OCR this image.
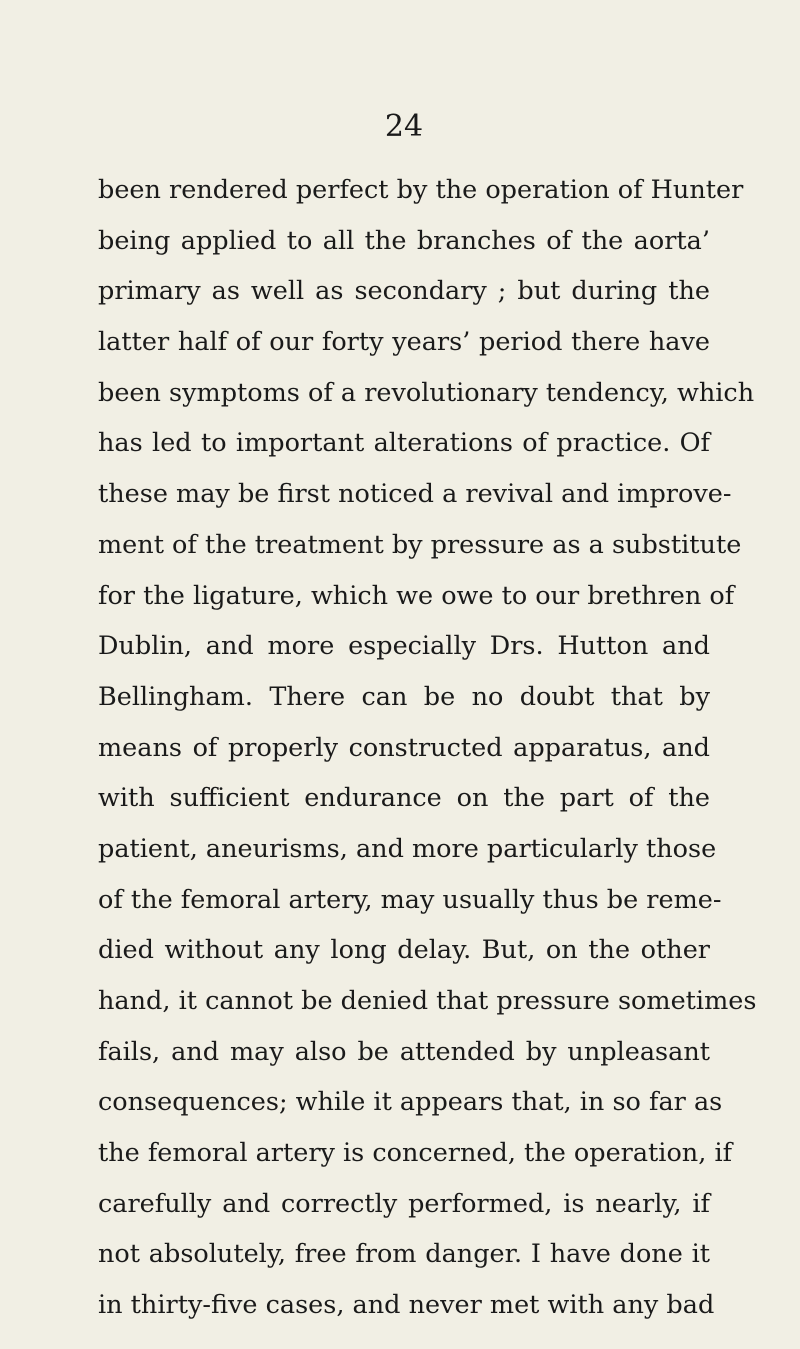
24
been rendered perfect by the operation of Hunter
being applied to all the branches of the aorta’
primary as well as secondary ; but during the
latter half of our forty years’ period there have
been symptoms of a revolutionary tendency, which
has led to important alterations of practice. Of
these may be first noticed a revival and improve-
ment of the treatment by pressure as a substitute
for the ligature, which we owe to our brethren of
Dublin, and more especially Drs. Hutton and
Bellingham. There can be no doubt that by
means of properly constructed apparatus, and
with sufficient endurance on the part of the
patient, aneurisms, and more particularly those
of the femoral artery, may usually thus be reme-
died without any long delay. But, on the other
hand, it cannot be denied that pressure sometimes
fails, and may also be attended by unpleasant
consequences; while it appears that, in so far as
the femoral artery is concerned, the operation, if
carefully and correctly performed, is nearly, if
not absolutely, free from danger. I have done it
in thirty-five cases, and never met with any bad
